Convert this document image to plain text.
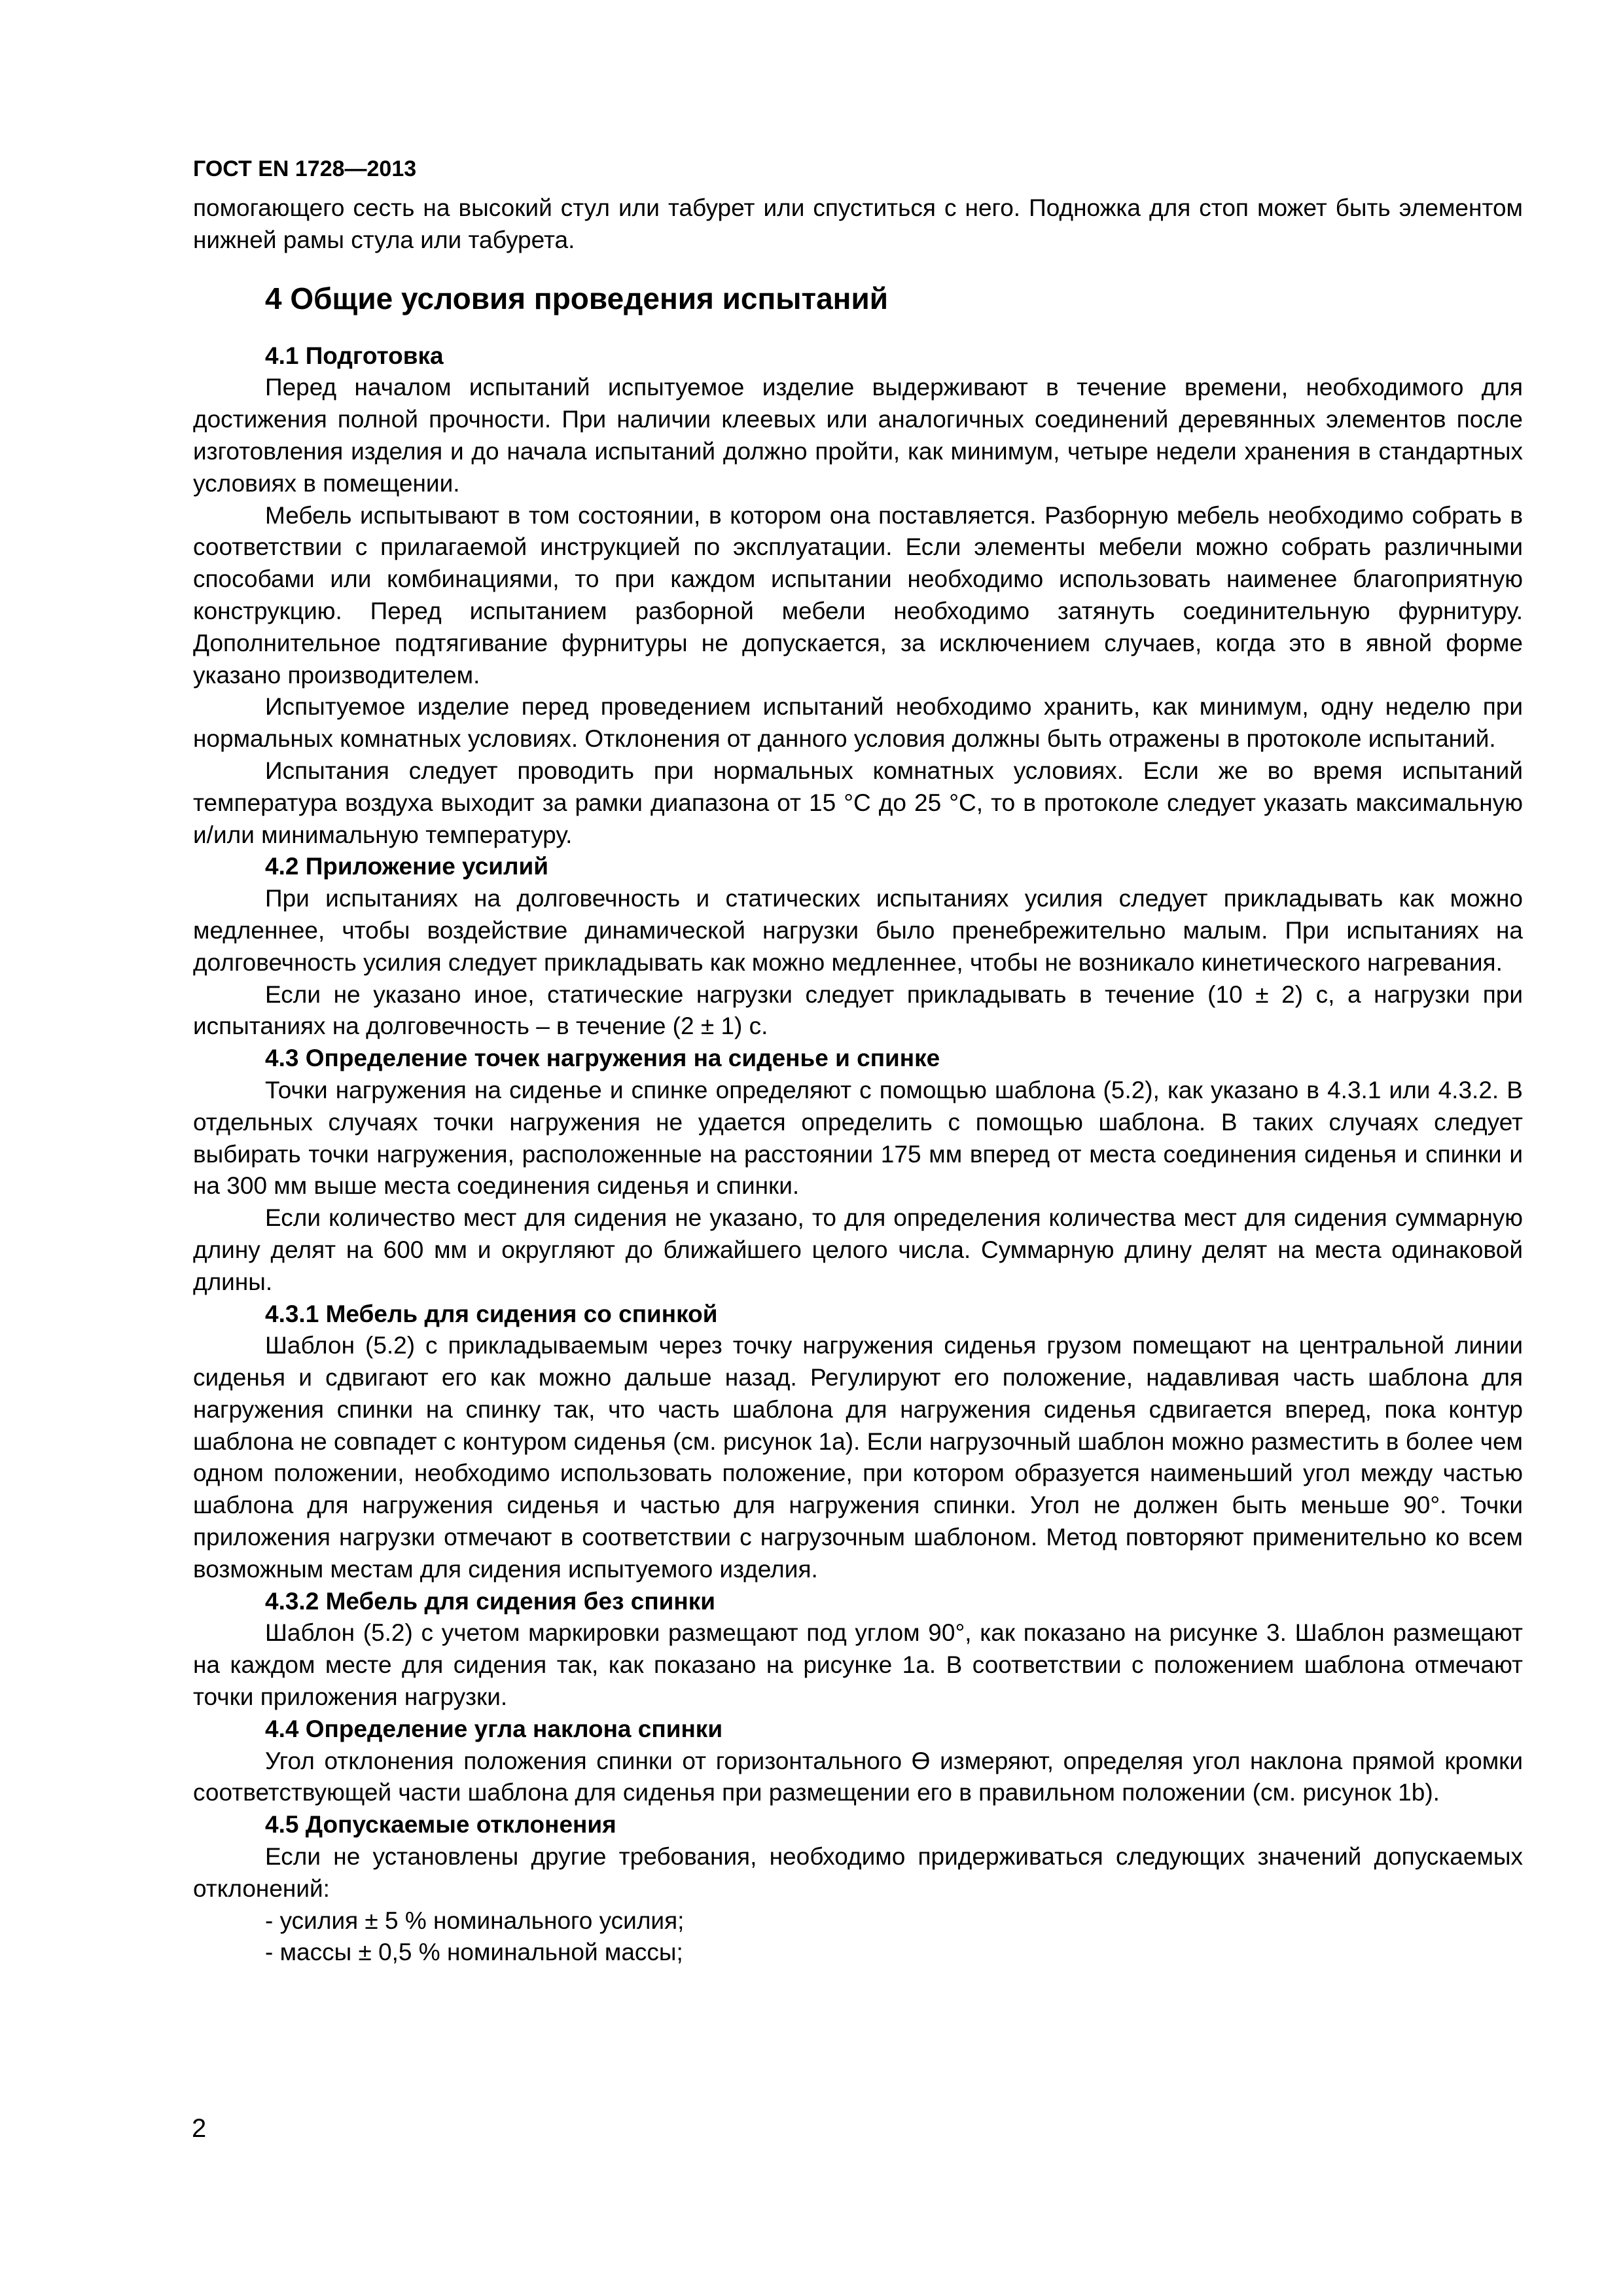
ГОСТ EN 1728—2013

помогающего сесть на высокий стул или табурет или спуститься с него. Подножка для стоп может быть элементом нижней рамы стула или табурета.

4 Общие условия проведения испытаний
4.1 Подготовка

Перед началом испытаний испытуемое изделие выдерживают в течение времени, необходимого для достижения полной прочности. При наличии клеевых или аналогичных соединений деревянных элементов после изготовления изделия и до начала испытаний должно пройти, как минимум, четыре недели хранения в стандартных условиях в помещении.

Мебель испытывают в том состоянии, в котором она поставляется. Разборную мебель необходимо собрать в соответствии с прилагаемой инструкцией по эксплуатации. Если элементы мебели можно собрать различными способами или комбинациями, то при каждом испытании необходимо использовать наименее благоприятную конструкцию. Перед испытанием разборной мебели необходимо затянуть соединительную фурнитуру. Дополнительное подтягивание фурнитуры не допускается, за исключением случаев, когда это в явной форме указано производителем.

Испытуемое изделие перед проведением испытаний необходимо хранить, как минимум, одну неделю при нормальных комнатных условиях. Отклонения от данного условия должны быть отражены в протоколе испытаний.

Испытания следует проводить при нормальных комнатных условиях. Если же во время испытаний температура воздуха выходит за рамки диапазона от 15 °С до 25 °С, то в протоколе следует указать максимальную и/или минимальную температуру.

4.2 Приложение усилий

При испытаниях на долговечность и статических испытаниях усилия следует прикладывать как можно медленнее, чтобы воздействие динамической нагрузки было пренебрежительно малым. При испытаниях на долговечность усилия следует прикладывать как можно медленнее, чтобы не возникало кинетического нагревания.

Если не указано иное, статические нагрузки следует прикладывать в течение (10 ± 2) с, а нагрузки при испытаниях на долговечность – в течение (2 ± 1) с.

4.3 Определение точек нагружения на сиденье и спинке

Точки нагружения на сиденье и спинке определяют с помощью шаблона (5.2), как указано в 4.3.1 или 4.3.2. В отдельных случаях точки нагружения не удается определить с помощью шаблона. В таких случаях следует выбирать точки нагружения, расположенные на расстоянии 175 мм вперед от места соединения сиденья и спинки и на 300 мм выше места соединения сиденья и спинки.

Если количество мест для сидения не указано, то для определения количества мест для сидения суммарную длину делят на 600 мм и округляют до ближайшего целого числа. Суммарную длину делят на места одинаковой длины.

4.3.1 Мебель для сидения со спинкой

Шаблон (5.2) с прикладываемым через точку нагружения сиденья грузом помещают на центральной линии сиденья и сдвигают его как можно дальше назад. Регулируют его положение, надавливая часть шаблона для нагружения спинки на спинку так, что часть шаблона для нагружения сиденья сдвигается вперед, пока контур шаблона не совпадет с контуром сиденья (см. рисунок 1а). Если нагрузочный шаблон можно разместить в более чем одном положении, необходимо использовать положение, при котором образуется наименьший угол между частью шаблона для нагружения сиденья и частью для нагружения спинки. Угол не должен быть меньше 90°. Точки приложения нагрузки отмечают в соответствии с нагрузочным шаблоном. Метод повторяют применительно ко всем возможным местам для сидения испытуемого изделия.

4.3.2 Мебель для сидения без спинки

Шаблон (5.2) с учетом маркировки размещают под углом 90°, как показано на рисунке 3. Шаблон размещают на каждом месте для сидения так, как показано на рисунке 1а. В соответствии с положением шаблона отмечают точки приложения нагрузки.

4.4 Определение угла наклона спинки

Угол отклонения положения спинки от горизонтального ϴ измеряют, определяя угол наклона прямой кромки соответствующей части шаблона для сиденья при размещении его в правильном положении (см. рисунок 1b).

4.5 Допускаемые отклонения

Если не установлены другие требования, необходимо придерживаться следующих значений допускаемых отклонений:

- усилия ± 5 % номинального усилия;
- массы ± 0,5 % номинальной массы;
2
